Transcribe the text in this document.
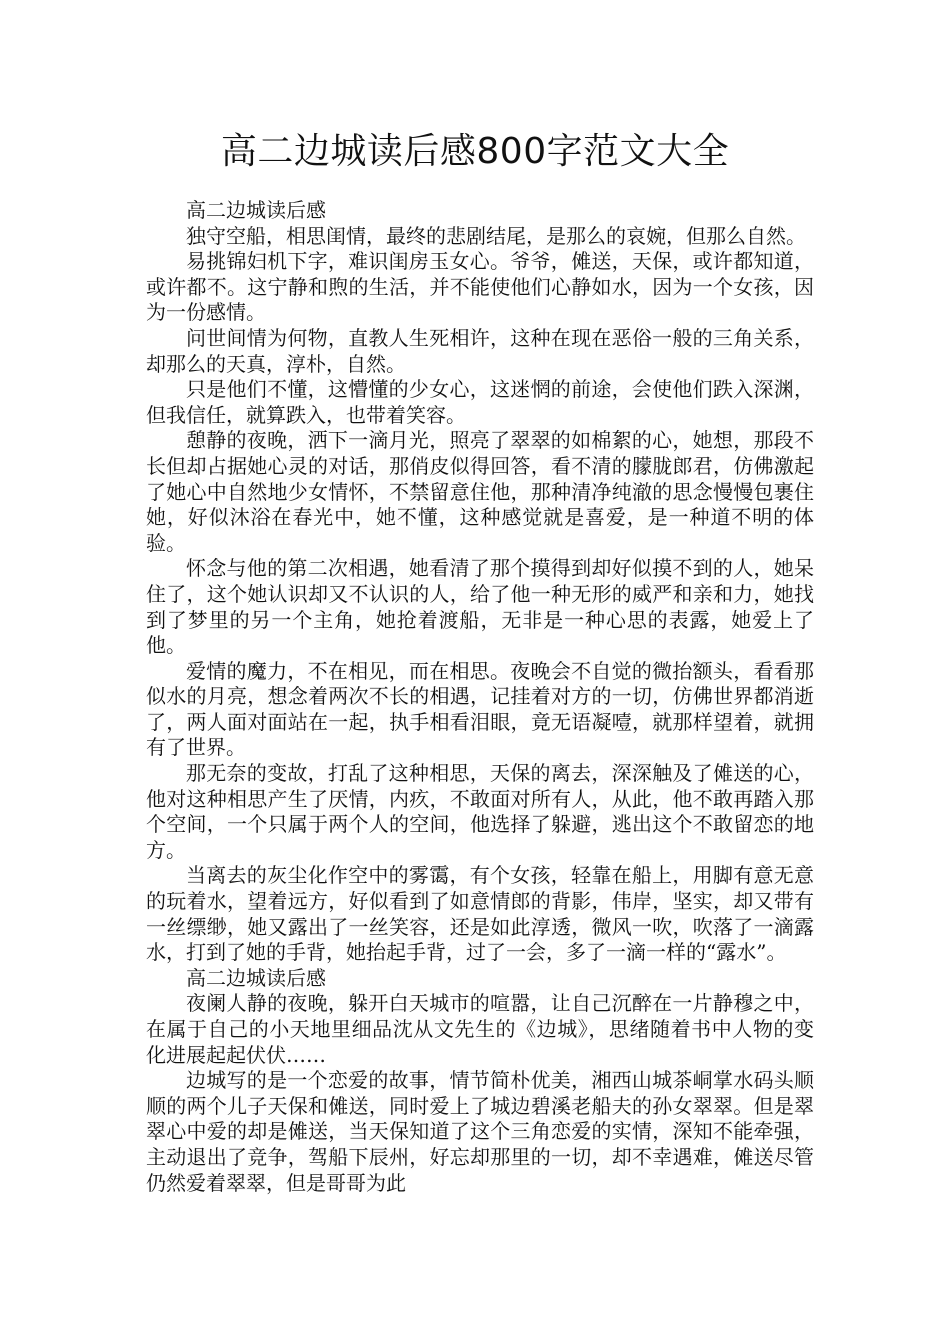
高二边城读后感800字范文大全

高二边城读后感

独守空船，相思闺情，最终的悲剧结尾，是那么的哀婉，但那么自然。

易挑锦妇机下字，难识闺房玉女心。爷爷，傩送，天保，或许都知道，或许都不。这宁静和煦的生活，并不能使他们心静如水，因为一个女孩，因为一份感情。

问世间情为何物，直教人生死相许，这种在现在恶俗一般的三角关系，却那么的天真，淳朴，自然。

只是他们不懂，这懵懂的少女心，这迷惘的前途，会使他们跌入深渊，但我信任，就算跌入，也带着笑容。

憩静的夜晚，洒下一滴月光，照亮了翠翠的如棉絮的心，她想，那段不长但却占据她心灵的对话，那俏皮似得回答，看不清的朦胧郎君，仿佛激起了她心中自然地少女情怀，不禁留意住他，那种清净纯澈的思念慢慢包裹住她，好似沐浴在春光中，她不懂，这种感觉就是喜爱，是一种道不明的体验。

怀念与他的第二次相遇，她看清了那个摸得到却好似摸不到的人，她呆住了，这个她认识却又不认识的人，给了他一种无形的威严和亲和力，她找到了梦里的另一个主角，她抢着渡船，无非是一种心思的表露，她爱上了他。

爱情的魔力，不在相见，而在相思。夜晚会不自觉的微抬额头，看看那似水的月亮，想念着两次不长的相遇，记挂着对方的一切，仿佛世界都消逝了，两人面对面站在一起，执手相看泪眼，竟无语凝噎，就那样望着，就拥有了世界。

那无奈的变故，打乱了这种相思，天保的离去，深深触及了傩送的心，他对这种相思产生了厌情，内疚，不敢面对所有人，从此，他不敢再踏入那个空间，一个只属于两个人的空间，他选择了躲避，逃出这个不敢留恋的地方。

当离去的灰尘化作空中的雾霭，有个女孩，轻靠在船上，用脚有意无意的玩着水，望着远方，好似看到了如意情郎的背影，伟岸，坚实，却又带有一丝缥缈，她又露出了一丝笑容，还是如此淳透，微风一吹，吹落了一滴露水，打到了她的手背，她抬起手背，过了一会，多了一滴一样的“露水”。

高二边城读后感

夜阑人静的夜晚，躲开白天城市的喧嚣，让自己沉醉在一片静穆之中，在属于自己的小天地里细品沈从文先生的《边城》，思绪随着书中人物的变化进展起起伏伏……

边城写的是一个恋爱的故事，情节简朴优美，湘西山城茶峒掌水码头顺顺的两个儿子天保和傩送，同时爱上了城边碧溪老船夫的孙女翠翠。但是翠翠心中爱的却是傩送，当天保知道了这个三角恋爱的实情，深知不能牵强，主动退出了竞争，驾船下辰州，好忘却那里的一切，却不幸遇难，傩送尽管仍然爱着翠翠，但是哥哥为此
